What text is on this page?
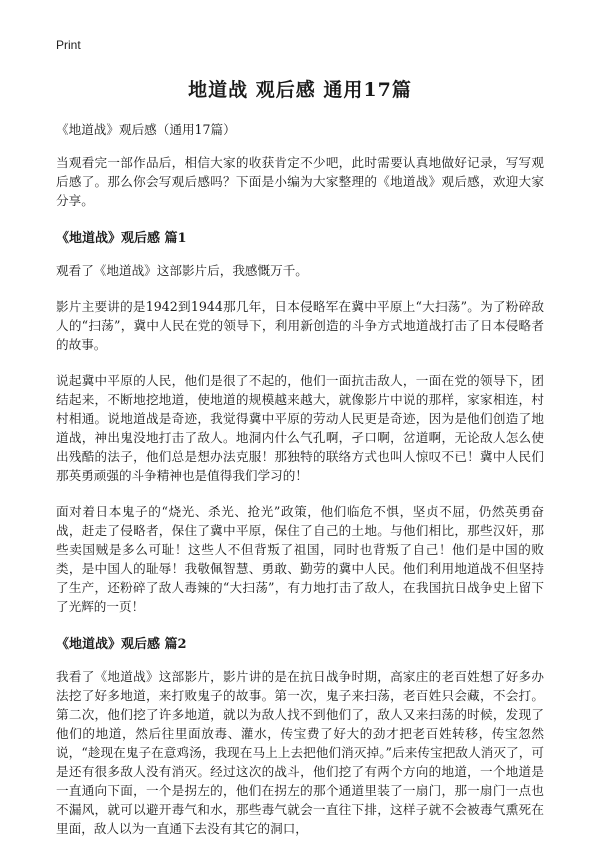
Print
地道战 观后感 通用17篇

《地道战》观后感（通用17篇）

当观看完一部作品后，相信大家的收获肯定不少吧，此时需要认真地做好记录，写写观后感了。那么你会写观后感吗？下面是小编为大家整理的《地道战》观后感，欢迎大家分享。

《地道战》观后感 篇1

观看了《地道战》这部影片后，我感慨万千。

影片主要讲的是1942到1944那几年，日本侵略军在冀中平原上“大扫荡”。为了粉碎敌人的“扫荡”，冀中人民在党的领导下，利用新创造的斗争方式地道战打击了日本侵略者的故事。

说起冀中平原的人民，他们是很了不起的，他们一面抗击敌人，一面在党的领导下，团结起来，不断地挖地道，使地道的规模越来越大，就像影片中说的那样，家家相连，村村相通。说地道战是奇迹，我觉得冀中平原的劳动人民更是奇迹，因为是他们创造了地道战，神出鬼没地打击了敌人。地洞内什么气孔啊，孑口啊，岔道啊，无论敌人怎么使出残酷的法子，他们总是想办法克服！那独特的联络方式也叫人惊叹不已！冀中人民们那英勇顽强的斗争精神也是值得我们学习的！

面对着日本鬼子的“烧光、杀光、抢光”政策，他们临危不惧，坚贞不屈，仍然英勇奋战，赶走了侵略者，保住了冀中平原，保住了自己的土地。与他们相比，那些汉奸，那些卖国贼是多么可耻！这些人不但背叛了祖国，同时也背叛了自己！他们是中国的败类，是中国人的耻辱！我敬佩智慧、勇敢、勤劳的冀中人民。他们利用地道战不但坚持了生产，还粉碎了敌人毒辣的“大扫荡”，有力地打击了敌人，在我国抗日战争史上留下了光辉的一页！

《地道战》观后感 篇2

我看了《地道战》这部影片，影片讲的是在抗日战争时期，高家庄的老百姓想了好多办法挖了好多地道，来打败鬼子的故事。第一次，鬼子来扫荡，老百姓只会藏，不会打。第二次，他们挖了许多地道，就以为敌人找不到他们了，敌人又来扫荡的时候，发现了他们的地道，然后往里面放毒、灌水，传宝费了好大的劲才把老百姓转移，传宝忽然说，“趁现在鬼子在意鸡汤，我现在马上上去把他们消灭掉。”后来传宝把敌人消灭了，可是还有很多敌人没有消灭。经过这次的战斗，他们挖了有两个方向的地道，一个地道是一直通向下面，一个是拐左的，他们在拐左的那个通道里装了一扇门，那一扇门一点也不漏风，就可以避开毒气和水，那些毒气就会一直往下排，这样子就不会被毒气熏死在里面，敌人以为一直通下去没有其它的洞口，
